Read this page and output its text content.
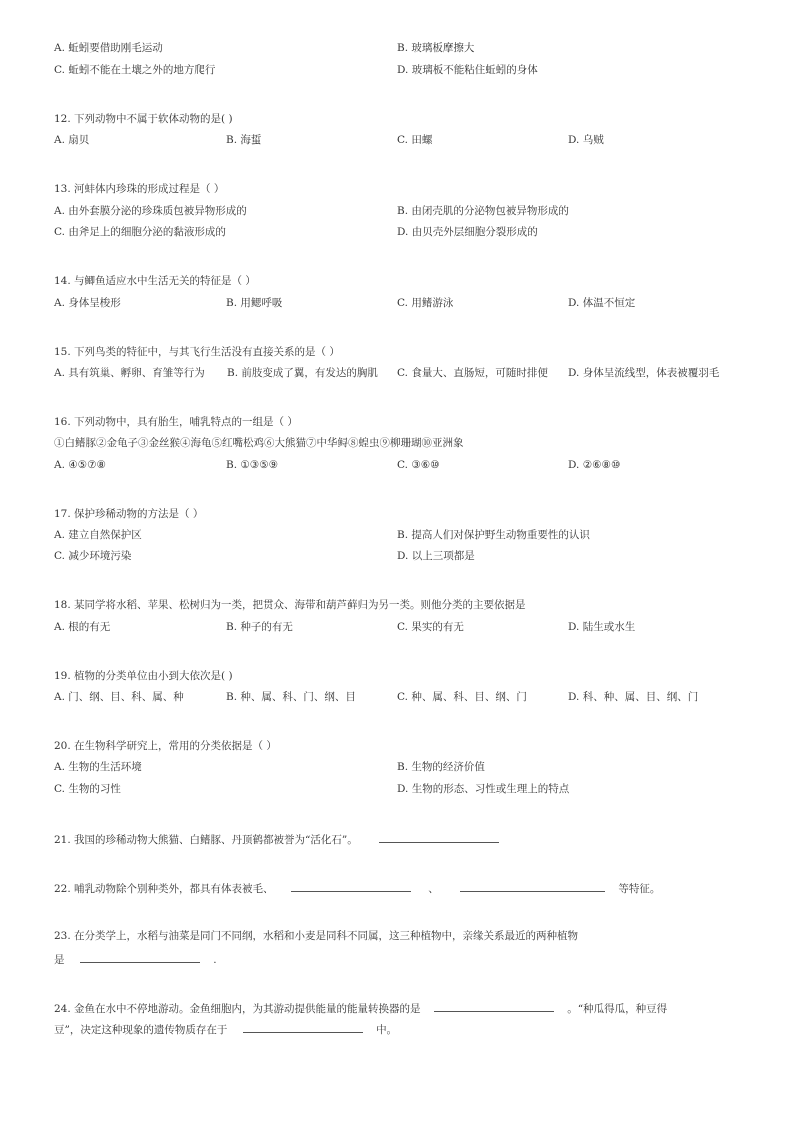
A. 蚯蚓要借助刚毛运动	B. 玻璃板摩擦大
C. 蚯蚓不能在土壤之外的地方爬行	D. 玻璃板不能粘住蚯蚓的身体
12. 下列动物中不属于软体动物的是( )
A. 扇贝	B. 海蜇	C. 田螺	D. 乌贼
13. 河蚌体内珍珠的形成过程是（ ）
A. 由外套膜分泌的珍珠质包被异物形成的	B. 由闭壳肌的分泌物包被异物形成的
C. 由斧足上的细胞分泌的黏液形成的	D. 由贝壳外层细胞分裂形成的
14. 与鲫鱼适应水中生活无关的特征是（ ）
A. 身体呈梭形	B. 用鳃呼吸	C. 用鳍游泳	D. 体温不恒定
15. 下列鸟类的特征中，与其飞行生活没有直接关系的是（ ）
A. 具有筑巢、孵卵、育雏等行为 B. 前肢变成了翼，有发达的胸肌 C. 食量大、直肠短，可随时排便 D. 身体呈流线型，体表被覆羽毛
16. 下列动物中，具有胎生，哺乳特点的一组是（ ）
①白鳍豚②金龟子③金丝猴④海龟⑤红嘴松鸡⑥大熊猫⑦中华鲟⑧蝗虫⑨柳珊瑚⑩亚洲象
A. ④⑤⑦⑧	B. ①③⑤⑨	C. ③⑥⑩	D. ②⑥⑧⑩
17. 保护珍稀动物的方法是（ ）
A. 建立自然保护区	B. 提高人们对保护野生动物重要性的认识
C. 减少环境污染	D. 以上三项都是
18. 某同学将水稻、苹果、松树归为一类，把贯众、海带和葫芦藓归为另一类。则他分类的主要依据是
A. 根的有无	B. 种子的有无	C. 果实的有无	D. 陆生或水生
19. 植物的分类单位由小到大依次是( )
A. 门、纲、目、科、属、种	B. 种、属、科、门、纲、目	C. 种、属、科、目、纲、门	D. 科、种、属、目、纲、门
20. 在生物科学研究上，常用的分类依据是（ ）
A. 生物的生活环境	B. 生物的经济价值
C. 生物的习性	D. 生物的形态、习性或生理上的特点
21. 我国的珍稀动物大熊猫、白鳍豚、丹顶鹤都被誉为“活化石”。
22. 哺乳动物除个别种类外，都具有体表被毛、	、	等特征。
23. 在分类学上，水稻与油菜是同门不同纲，水稻和小麦是同科不同属，这三种植物中，亲缘关系最近的两种植物
是	.
24. 金鱼在水中不停地游动。金鱼细胞内，为其游动提供能量的能量转换器的是	。“种瓜得瓜，种豆得
豆”，决定这种现象的遗传物质存在于	中。
